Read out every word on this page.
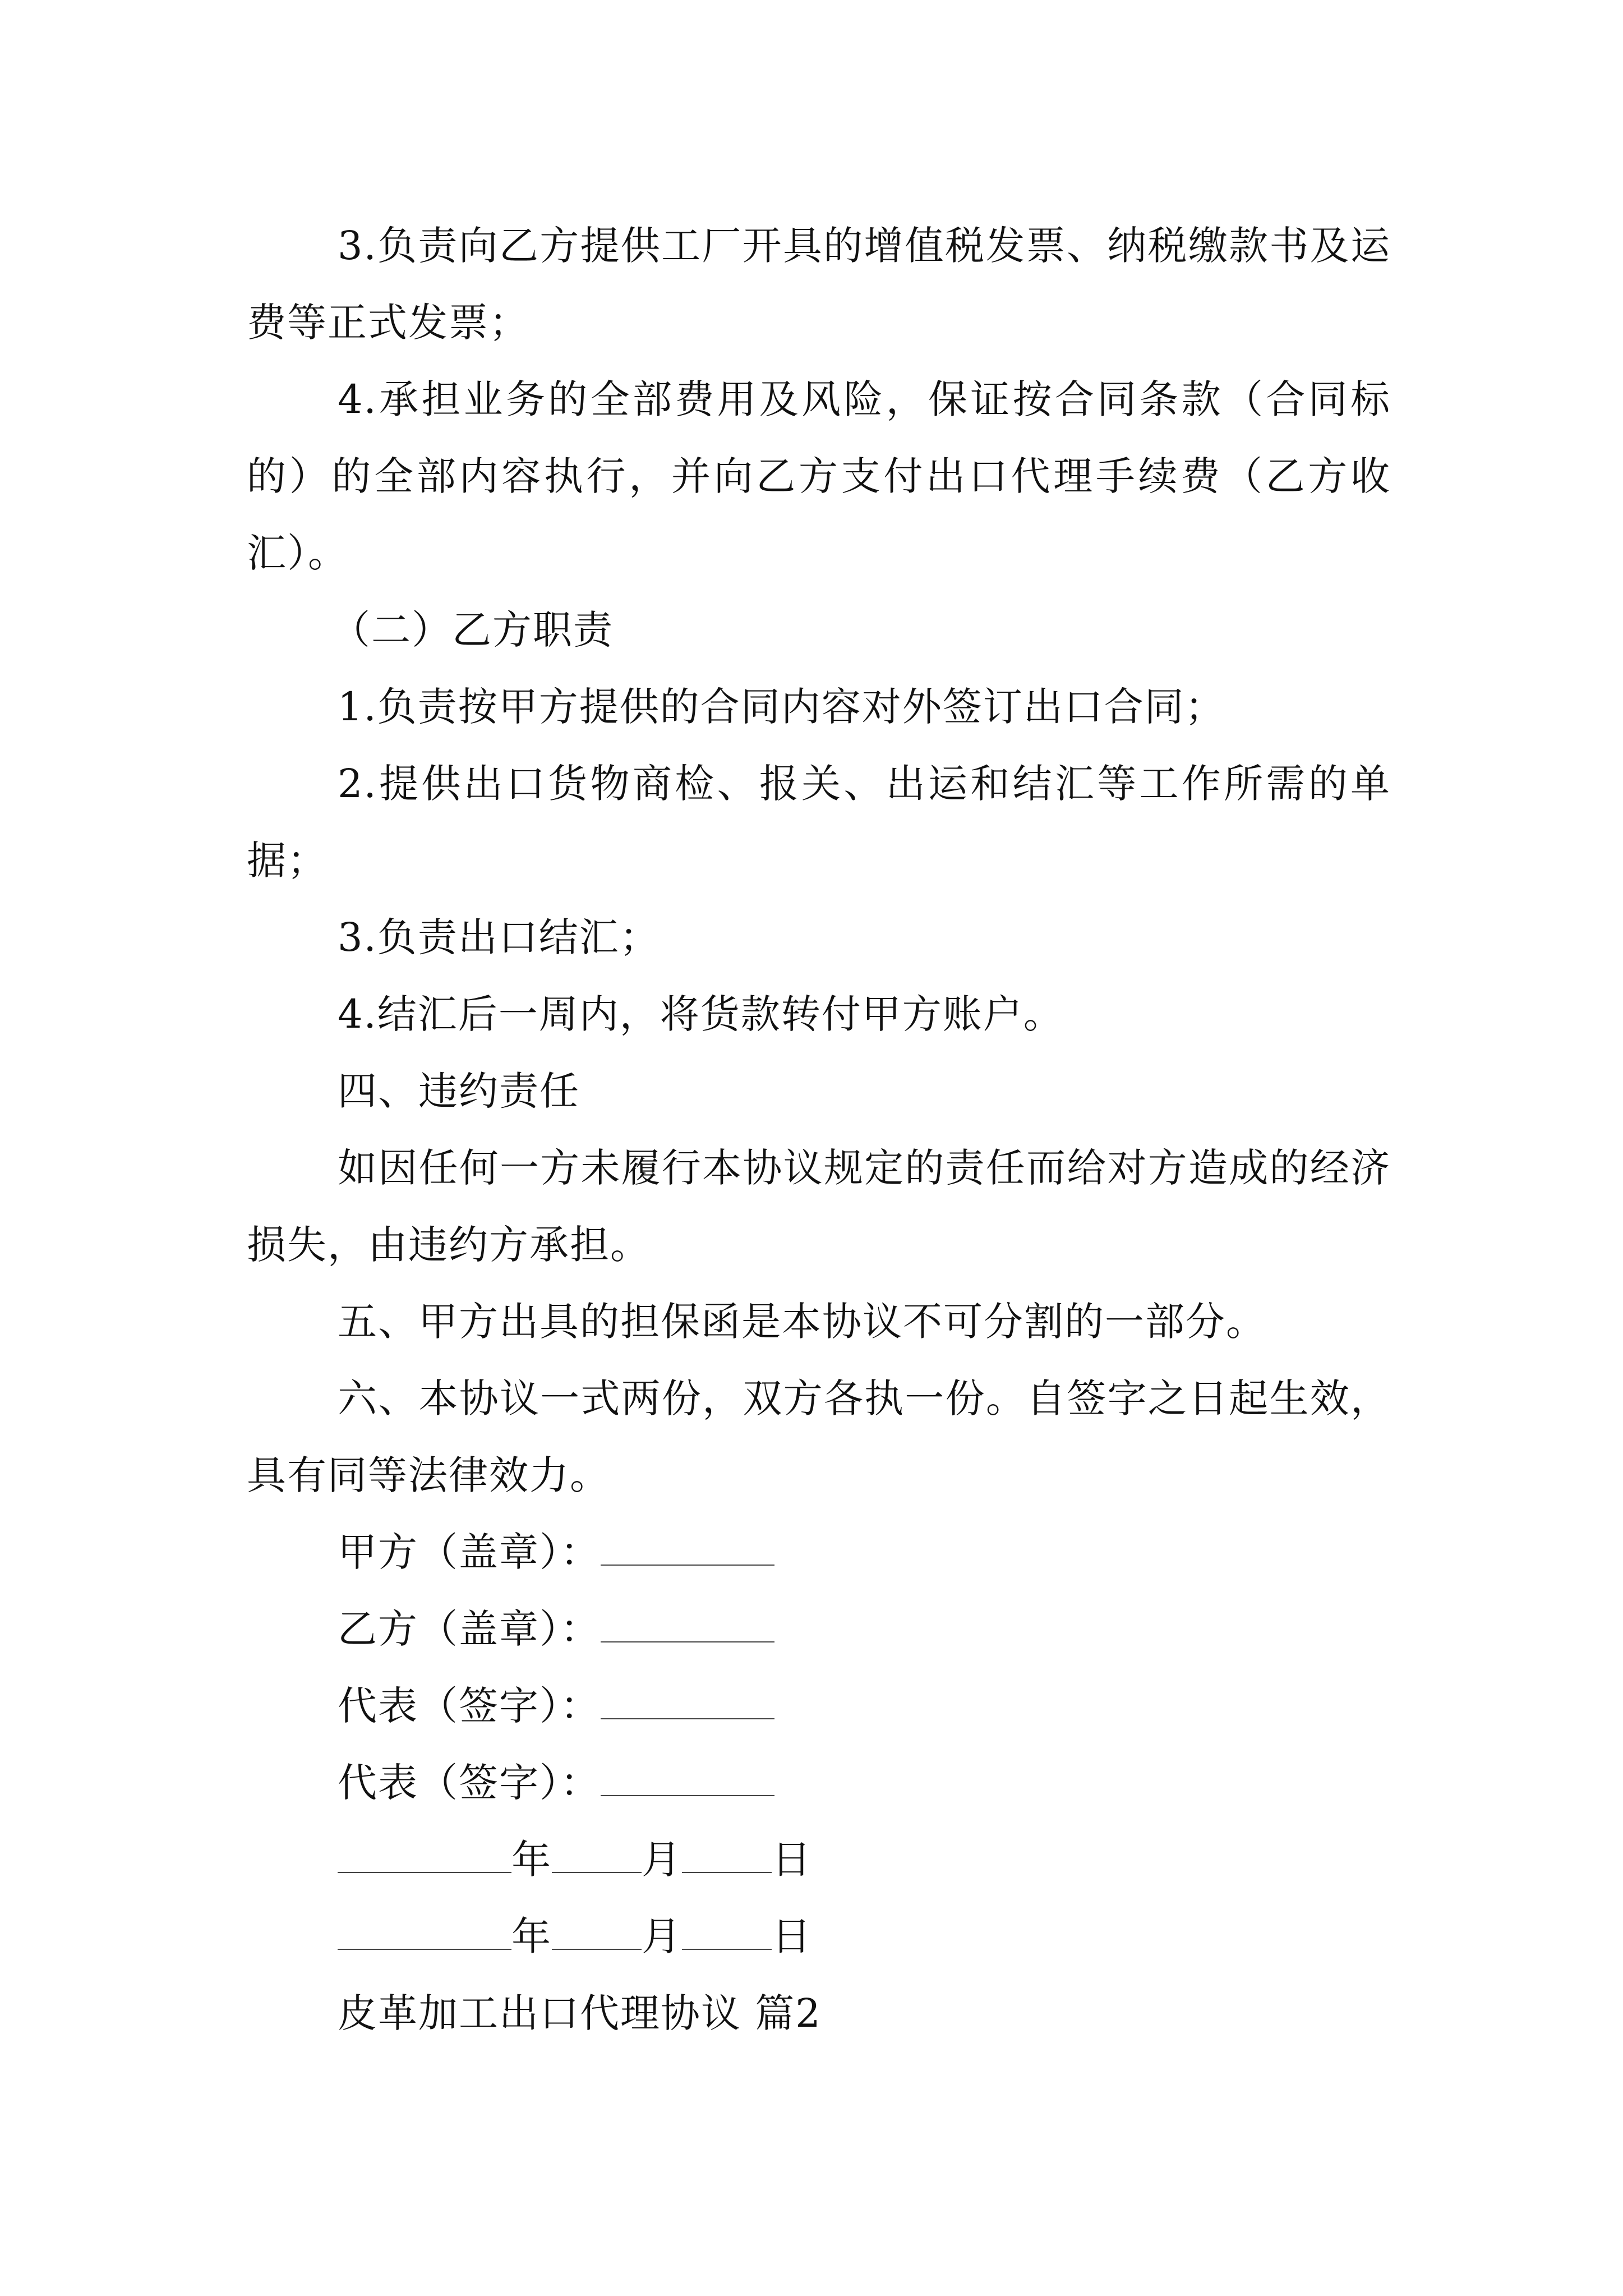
3.负责向乙方提供工厂开具的增值税发票、纳税缴款书及运费等正式发票；

4.承担业务的全部费用及风险，保证按合同条款（合同标的）的全部内容执行，并向乙方支付出口代理手续费（乙方收汇）。

（二）乙方职责

1.负责按甲方提供的合同内容对外签订出口合同；

2.提供出口货物商检、报关、出运和结汇等工作所需的单据；

3.负责出口结汇；

4.结汇后一周内，将货款转付甲方账户。

四、违约责任

如因任何一方未履行本协议规定的责任而给对方造成的经济损失，由违约方承担。

五、甲方出具的担保函是本协议不可分割的一部分。

六、本协议一式两份，双方各执一份。自签字之日起生效，具有同等法律效力。

甲方（盖章）：

乙方（盖章）：

代表（签字）：

代表（签字）：

年 月 日

年 月 日

皮革加工出口代理协议 篇2
